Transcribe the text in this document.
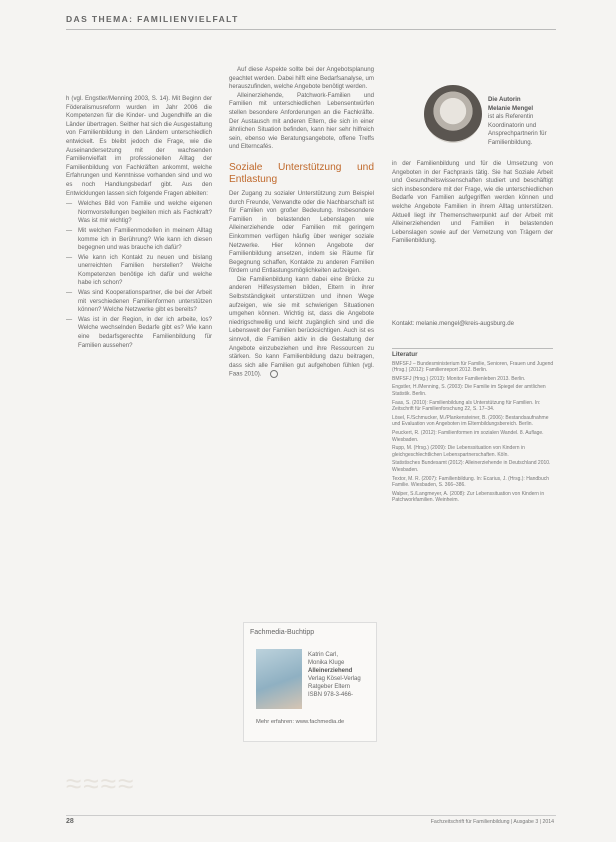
DAS THEMA: FAMILIENVIELFALT

h (vgl. Engstler/Menning 2003, S. 14). Mit Beginn der Föderalismusreform wurden im Jahr 2006 die Kompetenzen für die Kinder- und Jugendhilfe an die Länder übertragen. Seither hat sich die Ausgestaltung von Familienbildung in den Ländern unterschiedlich entwickelt. Es bleibt jedoch die Frage, wie die Auseinandersetzung mit der wachsenden Familienvielfalt im professionellen Alltag der Familienbildung von Fachkräften ankommt, welche Erfahrungen und Kenntnisse vorhanden sind und wo es noch Handlungsbedarf gibt. Aus den Entwicklungen lassen sich folgende Fragen ableiten:

— Welches Bild von Familie und welche eigenen Normvorstellungen begleiten mich als Fachkraft? Was ist mir wichtig?
— Mit welchen Familienmodellen in meinem Alltag komme ich in Berührung? Wie kann ich diesen begegnen und was brauche ich dafür?
— Wie kann ich Kontakt zu neuen und bislang unerreichten Familien herstellen? Welche Kompetenzen benötige ich dafür und welche habe ich schon?
— Was sind Kooperationspartner, die bei der Arbeit mit verschiedenen Familienformen unterstützen können? Welche Netzwerke gibt es bereits?
— Was ist in der Region, in der ich arbeite, los? Welche wechselnden Bedarfe gibt es? Wie kann eine bedarfsgerechte Familienbildung für Familien aussehen?

Auf diese Aspekte sollte bei der Angebotsplanung geachtet werden. Dabei hilft eine Bedarfsanalyse, um herauszufinden, welche Angebote benötigt werden.

Alleinerziehende, Patchwork-Familien und Familien mit unterschiedlichen Lebensentwürfen stellen besondere Anforderungen an die Fachkräfte. Der Austausch mit anderen Eltern, die sich in einer ähnlichen Situation befinden, kann hier sehr hilfreich sein, ebenso wie Beratungsangebote, offene Treffs und Elterncafés.

Soziale Unterstützung und Entlastung

Der Zugang zu sozialer Unterstützung zum Beispiel durch Freunde, Verwandte oder die Nachbarschaft ist für Familien von großer Bedeutung. Insbesondere Familien in belastenden Lebenslagen wie Alleinerziehende oder Familien mit geringem Einkommen verfügen häufig über weniger soziale Netzwerke. Hier können Angebote der Familienbildung ansetzen, indem sie Räume für Begegnung schaffen, Kontakte zu anderen Familien fördern und Entlastungsmöglichkeiten aufzeigen.

Die Familienbildung kann dabei eine Brücke zu anderen Hilfesystemen bilden, Eltern in ihrer Selbstständigkeit unterstützen und ihnen Wege aufzeigen, wie sie mit schwierigen Situationen umgehen können. Wichtig ist, dass die Angebote niedrigschwellig und leicht zugänglich sind und die Lebenswelt der Familien berücksichtigen. Auch ist es sinnvoll, die Familien aktiv in die Gestaltung der Angebote einzubeziehen und ihre Ressourcen zu stärken. So kann Familienbildung dazu beitragen, dass sich alle Familien gut aufgehoben fühlen (vgl. Faas 2010).

Die Autorin
Melanie Mengel
ist als Referentin Koordinatorin und Ansprechpartnerin für Familienbildung.
in der Familienbildung und für die Umsetzung von Angeboten in der Fachpraxis tätig. Sie hat Soziale Arbeit und Gesundheitswissenschaften studiert und beschäftigt sich insbesondere mit der Frage, wie die unterschiedlichen Bedarfe von Familien aufgegriffen werden können und welche Angebote Familien in ihrem Alltag unterstützen. Aktuell liegt ihr Themenschwerpunkt auf der Arbeit mit Alleinerziehenden und Familien in belastenden Lebenslagen sowie auf der Vernetzung von Trägern der Familienbildung.
Kontakt: melanie.mengel@kreis-augsburg.de
Literatur
BMFSFJ – Bundesministerium für Familie, Senioren, Frauen und Jugend (Hrsg.) (2012): Familienreport 2012. Berlin.
BMFSFJ (Hrsg.) (2013): Monitor Familienleben 2013. Berlin.
Engstler, H./Menning, S. (2003): Die Familie im Spiegel der amtlichen Statistik. Berlin.
Faas, S. (2010): Familienbildung als Unterstützung für Familien. In: Zeitschrift für Familienforschung 22, S. 17–34.
Lösel, F./Schmucker, M./Plankensteiner, B. (2006): Bestandsaufnahme und Evaluation von Angeboten im Elternbildungsbereich. Berlin.
Peuckert, R. (2012): Familienformen im sozialen Wandel. 8. Auflage. Wiesbaden.
Rupp, M. (Hrsg.) (2009): Die Lebenssituation von Kindern in gleichgeschlechtlichen Lebenspartnerschaften. Köln.
Statistisches Bundesamt (2012): Alleinerziehende in Deutschland 2010. Wiesbaden.
Textor, M. R. (2007): Familienbildung. In: Ecarius, J. (Hrsg.): Handbuch Familie. Wiesbaden, S. 366–386.
Walper, S./Langmeyer, A. (2008): Zur Lebenssituation von Kindern in Patchworkfamilien. Weinheim.
Fachmedia-Buchtipp
Katrin Carl,
Monika Kluge
Alleinerziehend
Verlag Kösel-Verlag
Ratgeber Eltern
ISBN 978-3-466-
Mehr erfahren: www.fachmedia.de
≈≈≈≈
28	Fachzeitschrift für Familienbildung | Ausgabe 3 | 2014
